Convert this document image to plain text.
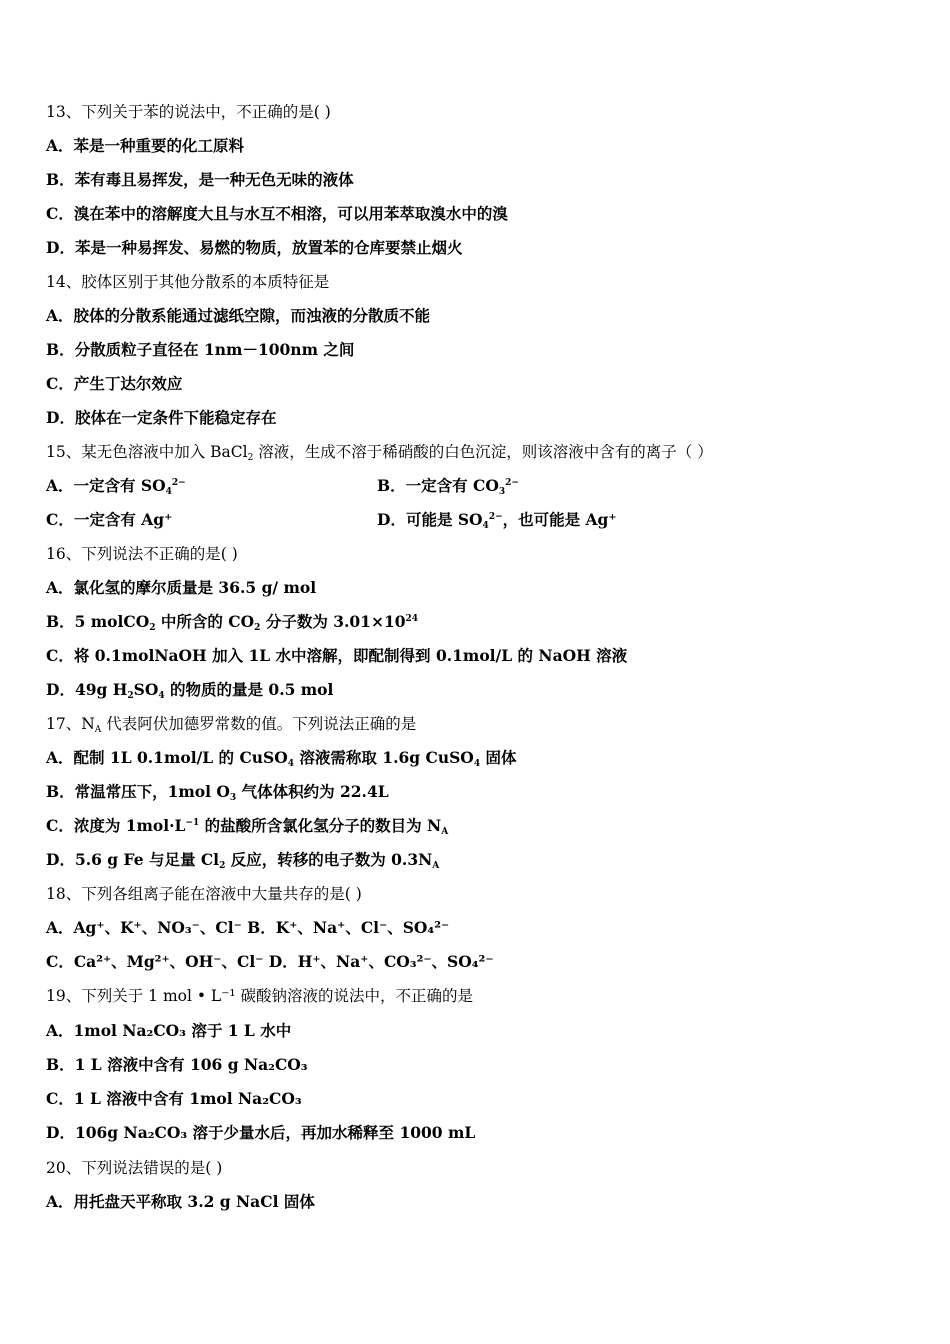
13、下列关于苯的说法中，不正确的是( )
A．苯是一种重要的化工原料
B．苯有毒且易挥发，是一种无色无味的液体
C．溴在苯中的溶解度大且与水互不相溶，可以用苯萃取溴水中的溴
D．苯是一种易挥发、易燃的物质，放置苯的仓库要禁止烟火
14、胶体区别于其他分散系的本质特征是
A．胶体的分散系能通过滤纸空隙，而浊液的分散质不能
B．分散质粒子直径在 1nm－100nm 之间
C．产生丁达尔效应
D．胶体在一定条件下能稳定存在
15、某无色溶液中加入 BaCl$_2$ 溶液，生成不溶于稀硝酸的白色沉淀，则该溶液中含有的离子（ ）
A．一定含有 $SO_4^{2-}$	B．一定含有 $CO_3^{2-}$
C．一定含有 Ag⁺	D．可能是 $SO_4^{2-}$，也可能是 Ag⁺
16、下列说法不正确的是( )
A．氯化氢的摩尔质量是 36.5 g/ mol
B．5 molCO$_2$ 中所含的 $CO_2$ 分子数为 $3.01\times 10^{24}$
C．将 0.1molNaOH 加入 1L 水中溶解，即配制得到 0.1mol/L 的 NaOH 溶液
D．49g $H_2SO_4$ 的物质的量是 0.5 mol
17、$N_A$ 代表阿伏加德罗常数的值。下列说法正确的是
A．配制 1L 0.1mol/L 的 CuSO$_4$ 溶液需称取 1.6g CuSO$_4$ 固体
B．常温常压下，1mol $O_3$ 气体体积约为 22.4L
C．浓度为 $1mol\cdot L^{-1}$ 的盐酸所含氯化氢分子的数目为 $N_A$
D．5.6 g Fe 与足量 $Cl_2$ 反应，转移的电子数为 $0.3N_A$
18、下列各组离子能在溶液中大量共存的是( )
A．Ag⁺、K⁺、NO₃⁻、Cl⁻ B．K⁺、Na⁺、Cl⁻、SO₄²⁻
C．Ca²⁺、Mg²⁺、OH⁻、Cl⁻ D．H⁺、Na⁺、CO₃²⁻、SO₄²⁻
19、下列关于 1 mol • L⁻¹ 碳酸钠溶液的说法中，不正确的是
A．1mol Na₂CO₃ 溶于 1 L 水中
B．1 L 溶液中含有 106 g Na₂CO₃
C．1 L 溶液中含有 1mol Na₂CO₃
D．106g Na₂CO₃ 溶于少量水后，再加水稀释至 1000 mL
20、下列说法错误的是( )
A．用托盘天平称取 3.2 g NaCl 固体
